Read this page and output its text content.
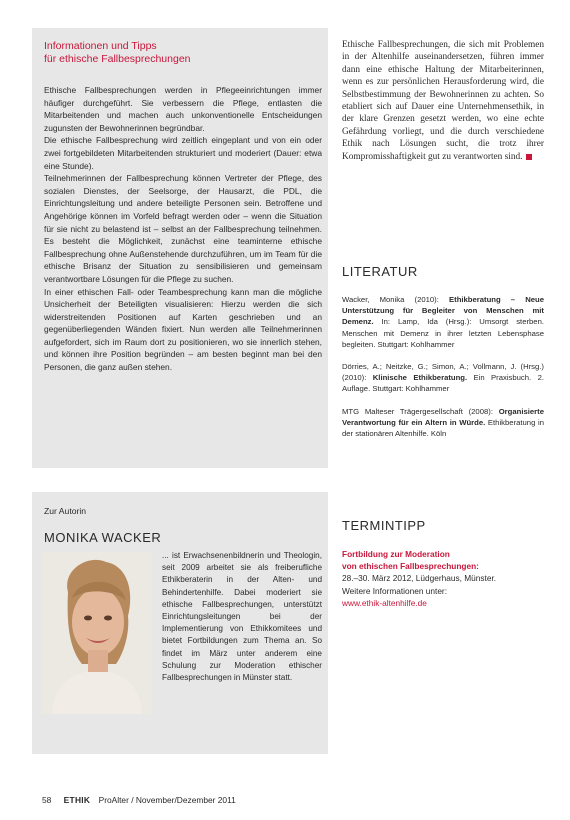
Informationen und Tipps
für ethische Fallbesprechungen

Ethische Fallbesprechungen werden in Pflegeeinrichtungen immer häufiger durchgeführt. Sie verbessern die Pflege, entlasten die Mitarbeitenden und machen auch unkonventionelle Entscheidungen zugunsten der Bewohnerinnen begründbar.

Die ethische Fallbesprechung wird zeitlich eingeplant und von ein oder zwei fortgebildeten Mitarbeitenden strukturiert und moderiert (Dauer: etwa eine Stunde).

Teilnehmerinnen der Fallbesprechung können Vertreter der Pflege, des sozialen Dienstes, der Seelsorge, der Hausarzt, die PDL, die Einrichtungsleitung und andere beteiligte Personen sein. Betroffene und Angehörige können im Vorfeld befragt werden oder – wenn die Situation für sie nicht zu belastend ist – selbst an der Fallbesprechung teilnehmen. Es besteht die Möglichkeit, zunächst eine teaminterne ethische Fallbesprechung ohne Außenstehende durchzuführen, um im Team für die ethische Brisanz der Situation zu sensibilisieren und gemeinsam verantwortbare Lösungen für die Pflege zu suchen.

In einer ethischen Fall- oder Teambesprechung kann man die mögliche Unsicherheit der Beteiligten visualisieren: Hierzu werden die sich widerstreitenden Positionen auf Karten geschrieben und an gegenüberliegenden Wänden fixiert. Nun werden alle Teilnehmerinnen aufgefordert, sich im Raum dort zu positionieren, wo sie innerlich stehen, und können ihre Position begründen – am besten beginnt man bei den Personen, die ganz außen stehen.

Ethische Fallbesprechungen, die sich mit Problemen in der Altenhilfe auseinandersetzen, führen immer dann eine ethische Haltung der Mitarbeiterinnen, wenn es zur persönlichen Herausforderung wird, die Selbstbestimmung der Bewohnerinnen zu achten. So etabliert sich auf Dauer eine Unternehmensethik, in der klare Grenzen gesetzt werden, wo eine echte Gefährdung vorliegt, und die durch verschiedene Ethik nach Lösungen sucht, die trotz ihrer Kompromisshaftigkeit gut zu verantworten sind.

LITERATUR

Wacker, Monika (2010): Ethikberatung – Neue Unterstützung für Begleiter von Menschen mit Demenz. In: Lamp, Ida (Hrsg.): Umsorgt sterben. Menschen mit Demenz in ihrer letzten Lebensphase begleiten. Stuttgart: Kohlhammer

Dörries, A.; Neitzke, G.; Simon, A.; Vollmann, J. (Hrsg.) (2010): Klinische Ethikberatung. Ein Praxisbuch. 2. Auflage. Stuttgart: Kohlhammer

MTG Malteser Trägergesellschaft (2008): Organisierte Verantwortung für ein Altern in Würde. Ethikberatung in der stationären Altenhilfe. Köln

Zur Autorin
MONIKA WACKER

... ist Erwachsenenbildnerin und Theologin, seit 2009 arbeitet sie als freiberufliche Ethikberaterin in der Alten- und Behindertenhilfe. Dabei moderiert sie ethische Fallbesprechungen, unterstützt Einrichtungsleitungen bei der Implementierung von Ethikkomitees und bietet Fortbildungen zum Thema an. So findet im März unter anderem eine Schulung zur Moderation ethischer Fallbesprechungen in Münster statt.

TERMINTIPP
Fortbildung zur Moderation
von ethischen Fallbesprechungen:
28.–30. März 2012, Lüdgerhaus, Münster.
Weitere Informationen unter:
www.ethik-altenhilfe.de
58 ETHIK ProAlter / November/Dezember 2011
